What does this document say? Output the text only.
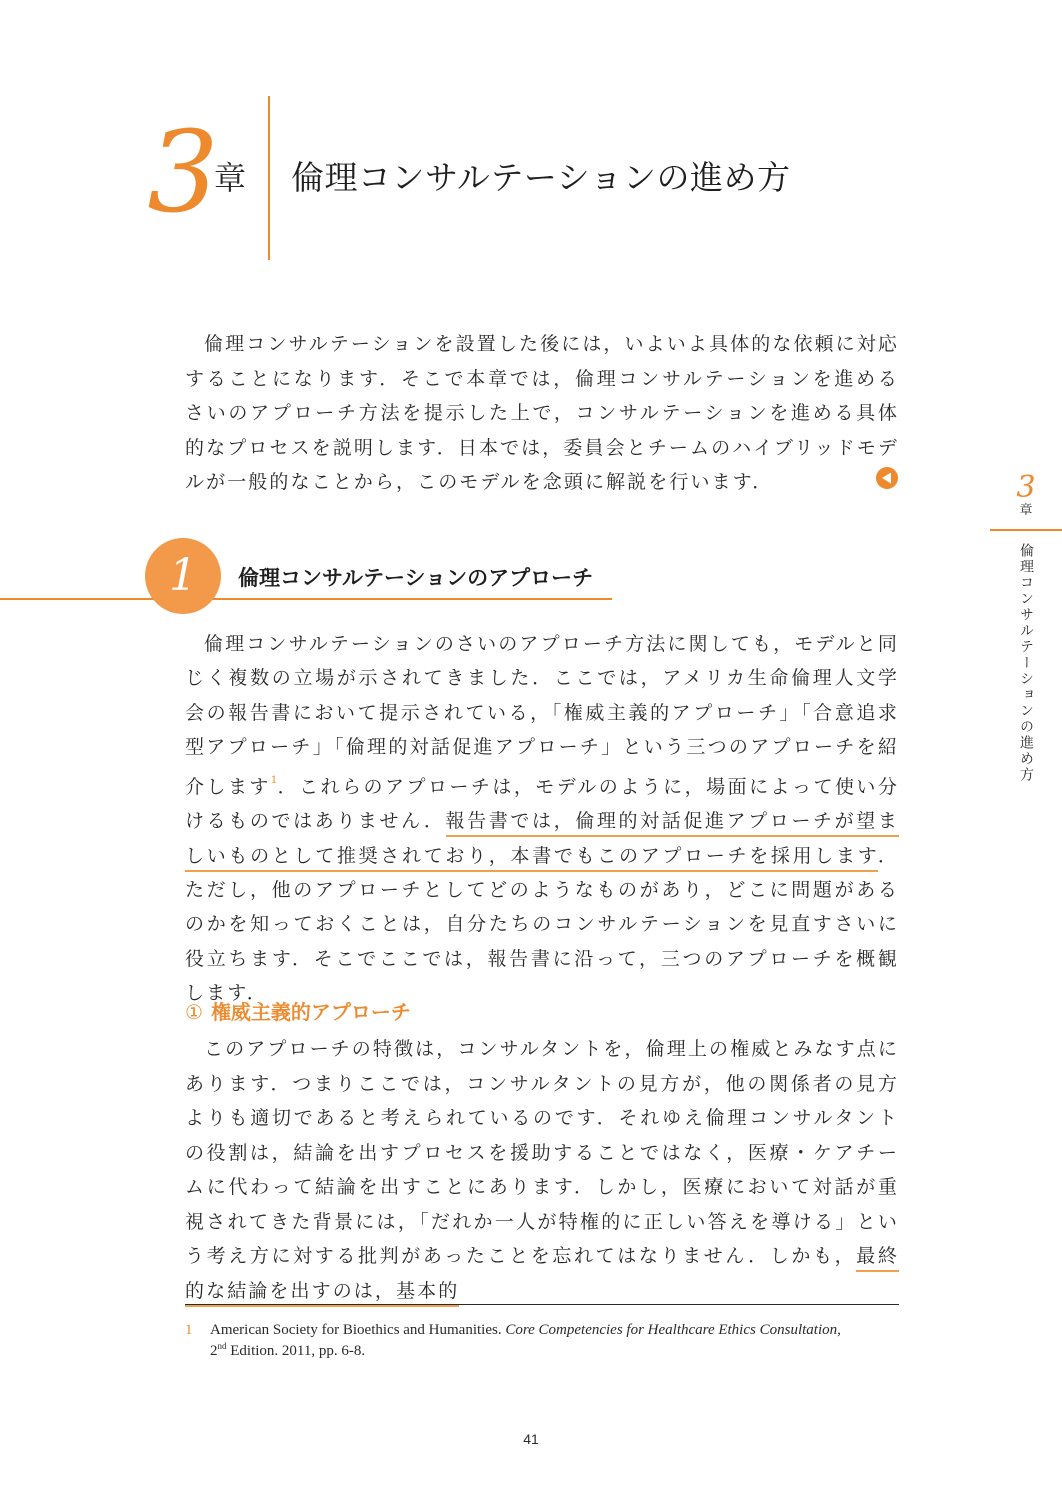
3
章 倫理コンサルテーションの進め方

倫理コンサルテーションを設置した後には，いよいよ具体的な依頼に対応することになります．そこで本章では，倫理コンサルテーションを進めるさいのアプローチ方法を提示した上で，コンサルテーションを進める具体的なプロセスを説明します．日本では，委員会とチームのハイブリッドモデルが一般的なことから，このモデルを念頭に解説を行います．

1	倫理コンサルテーションのアプローチ

倫理コンサルテーションのさいのアプローチ方法に関しても，モデルと同じく複数の立場が示されてきました．ここでは，アメリカ生命倫理人文学会の報告書において提示されている，「権威主義的アプローチ」「合意追求型アプローチ」「倫理的対話促進アプローチ」という三つのアプローチを紹介します$^1$．これらのアプローチは，モデルのように，場面によって使い分けるものではありません．報告書では，倫理的対話促進アプローチが望ましいものとして推奨されており，本書でもこのアプローチを採用します．ただし，他のアプローチとしてどのようなものがあり，どこに問題があるのかを知っておくことは，自分たちのコンサルテーションを見直すさいに役立ちます．そこでここでは，報告書に沿って，三つのアプローチを概観します．

① 権威主義的アプローチ

このアプローチの特徴は，コンサルタントを，倫理上の権威とみなす点にあります．つまりここでは，コンサルタントの見方が，他の関係者の見方よりも適切であると考えられているのです．それゆえ倫理コンサルタントの役割は，結論を出すプロセスを援助することではなく，医療・ケアチームに代わって結論を出すことにあります．しかし，医療において対話が重視されてきた背景には，「だれか一人が特権的に正しい答えを導ける」という考え方に対する批判があったことを忘れてはなりません．しかも，最終的な結論を出すのは，基本的

1 American Society for Bioethics and Humanities. Core Competencies for Healthcare Ethics Consultation,
2nd Edition. 2011, pp. 6-8.
41
3
章
倫理コンサルテーションの進め方
